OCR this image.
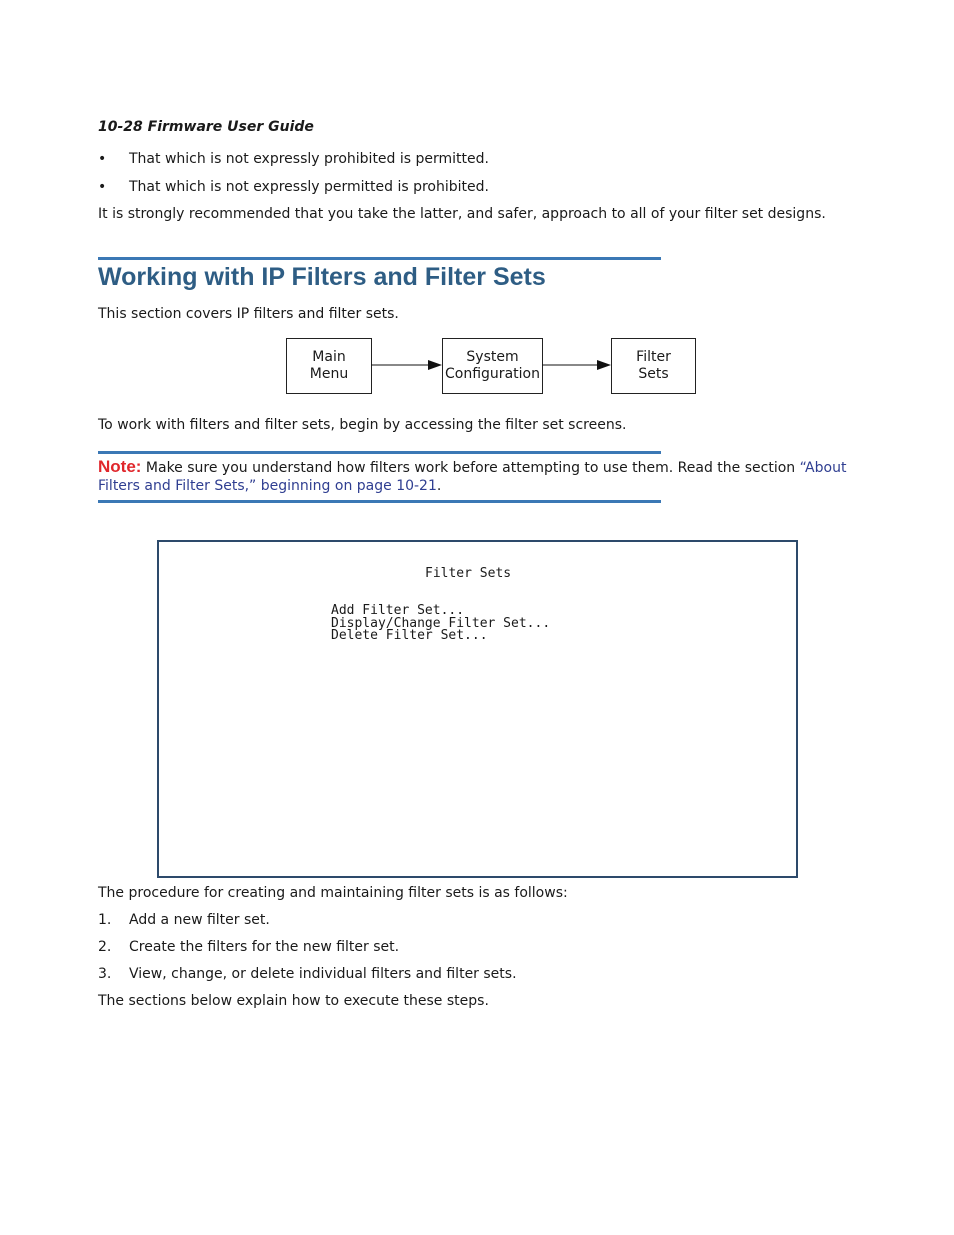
10-28 Firmware User Guide
•	That which is not expressly prohibited is permitted.
•	That which is not expressly permitted is prohibited.
It is strongly recommended that you take the latter, and safer, approach to all of your filter set designs.
Working with IP Filters and Filter Sets
This section covers IP filters and filter sets.
Main
Menu
System
Configuration
Filter
Sets
To work with filters and filter sets, begin by accessing the filter set screens.
Note: Make sure you understand how filters work before attempting to use them. Read the section “About
Filters and Filter Sets,” beginning on page 10-21.
Filter Sets
Add Filter Set...
Display/Change Filter Set...
Delete Filter Set...
The procedure for creating and maintaining filter sets is as follows:
1.	Add a new filter set.
2.	Create the filters for the new filter set.
3.	View, change, or delete individual filters and filter sets.
The sections below explain how to execute these steps.
